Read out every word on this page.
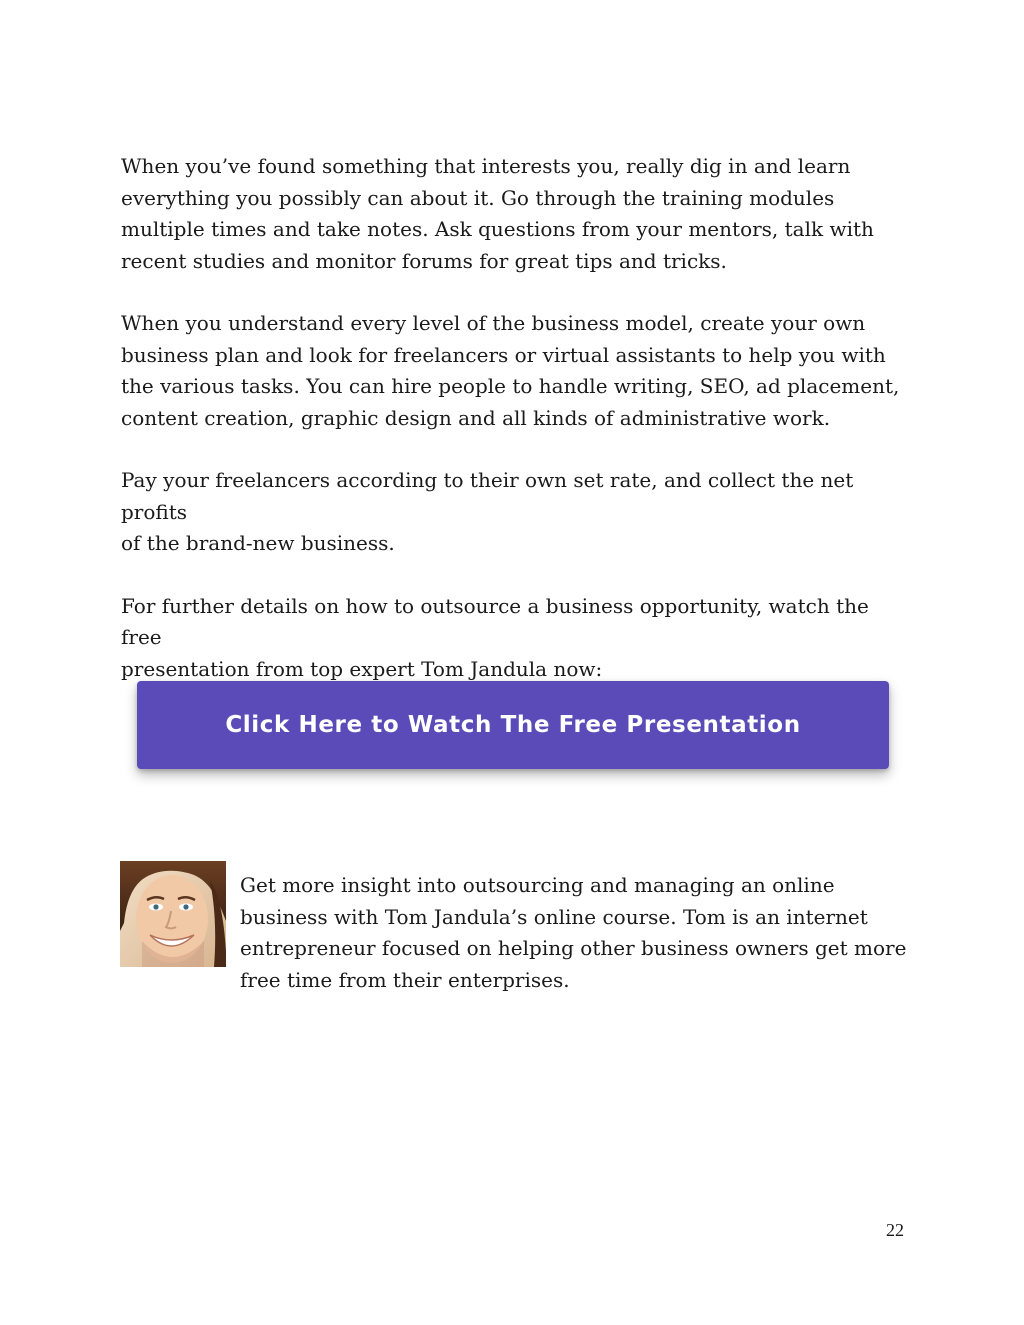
When you’ve found something that interests you, really dig in and learn
everything you possibly can about it. Go through the training modules
multiple times and take notes. Ask questions from your mentors, talk with
recent studies and monitor forums for great tips and tricks.

When you understand every level of the business model, create your own
business plan and look for freelancers or virtual assistants to help you with
the various tasks. You can hire people to handle writing, SEO, ad placement,
content creation, graphic design and all kinds of administrative work.

Pay your freelancers according to their own set rate, and collect the net profits
of the brand-new business.

For further details on how to outsource a business opportunity, watch the free
presentation from top expert Tom Jandula now:

Click Here to Watch The Free Presentation

Get more insight into outsourcing and managing an online
business with Tom Jandula’s online course. Tom is an internet
entrepreneur focused on helping other business owners get more
free time from their enterprises.

22
